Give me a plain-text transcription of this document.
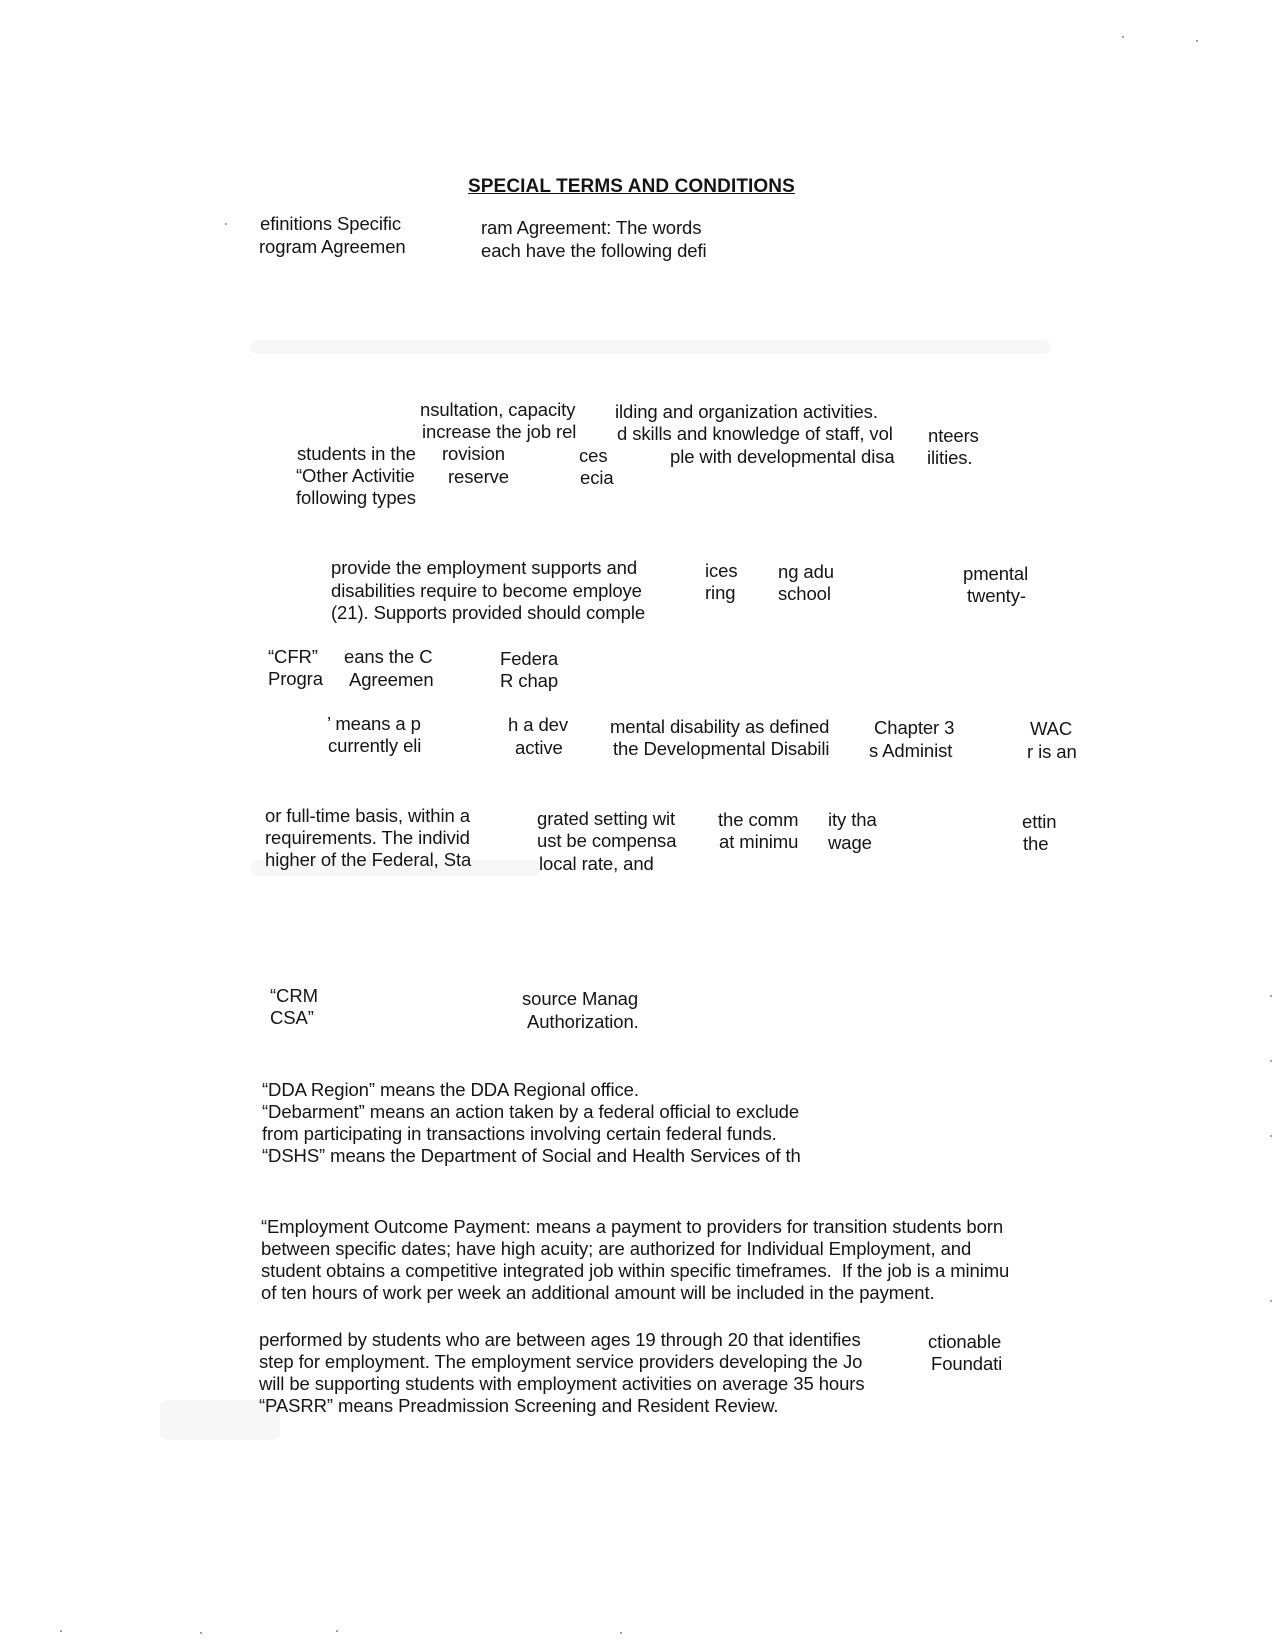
SPECIAL TERMS AND CONDITIONS
efinitions Specific
rogram Agreemen
ram Agreement: The words
each have the following defi
nsultation, capacity ilding and organization activities.
increase the job rel d skills and knowledge of staff, vol nteers
students in the rovision	ces	ple with developmental disa ilities.
“Other Activitie reserve	ecia
following types
provide the employment supports and	ices ng adu	pmental
disabilities require to become employe	ring school	twenty-
(21). Supports provided should comple
“CFR” eans the C	Federa
Progra Agreemen	R chap
’ means a p	h a dev mental disability as defined Chapter 3	WAC
currently eli	active	the Developmental Disabili s Administ	r is an
or full-time basis, within a	grated setting wit the comm ity tha	ettin
requirements. The individ	ust be compensa at minimu wage	the
higher of the Federal, Sta	local rate, and
“CRM	source Manag
CSA”	Authorization.
“DDA Region” means the DDA Regional office.
“Debarment” means an action taken by a federal official to exclude
from participating in transactions involving certain federal funds.
“DSHS” means the Department of Social and Health Services of th
“Employment Outcome Payment: means a payment to providers for transition students born
between specific dates; have high acuity; are authorized for Individual Employment, and
student obtains a competitive integrated job within specific timeframes.  If the job is a minimu
of ten hours of work per week an additional amount will be included in the payment.
performed by students who are between ages 19 through 20 that identifies	ctionable
step for employment. The employment service providers developing the Jo	Foundati
will be supporting students with employment activities on average 35 hours
“PASRR” means Preadmission Screening and Resident Review.
